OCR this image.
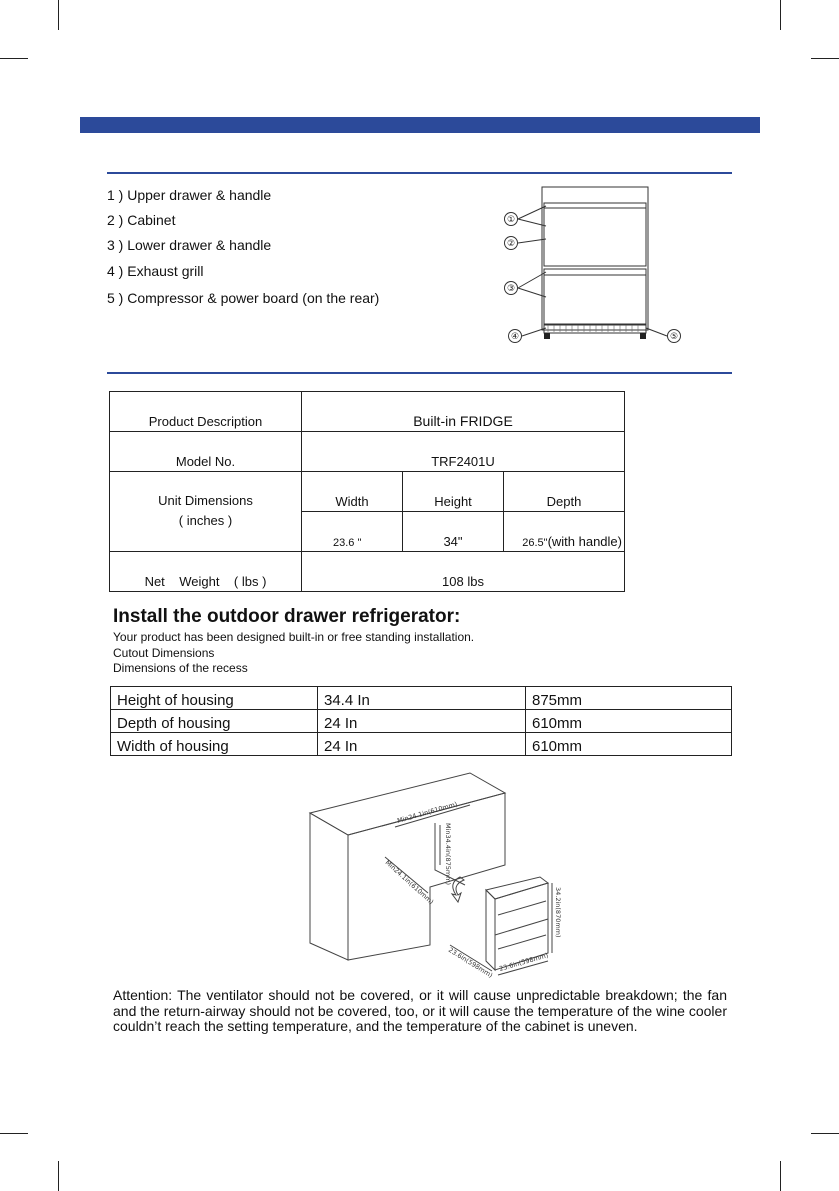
1 ) Upper drawer & handle
2 ) Cabinet
3 ) Lower drawer & handle
4 ) Exhaust grill
5 ) Compressor & power board (on the rear)
①
②
③
④	⑤
Product Description	Built-in FRIDGE		
Model No.	TRF2401U		

Unit Dimensions
( inches )	Width	Height	Depth
	23.6 "	34"	26.5"(with handle)
Net    Weight    ( lbs )	108 lbs		
Install the outdoor drawer refrigerator:
Your product has been designed built-in or free standing installation.
Cutout Dimensions
Dimensions of the recess
Height of housing	34.4 In	875mm
Depth of housing	24 In	610mm
Width of housing	24 In	610mm
Min24.1in(610mm)
Min34.4in(875mm)
Min24.1in(610mm)
34.2in(870mm)
23.6in(598mm) 23.6in(598mm)

Attention: The ventilator should not be covered, or it will cause unpredictable breakdown; the fan and the return-airway should not be covered, too, or it will cause the temperature of the wine cooler couldn’t reach the setting temperature, and the temperature of the cabinet is uneven.
